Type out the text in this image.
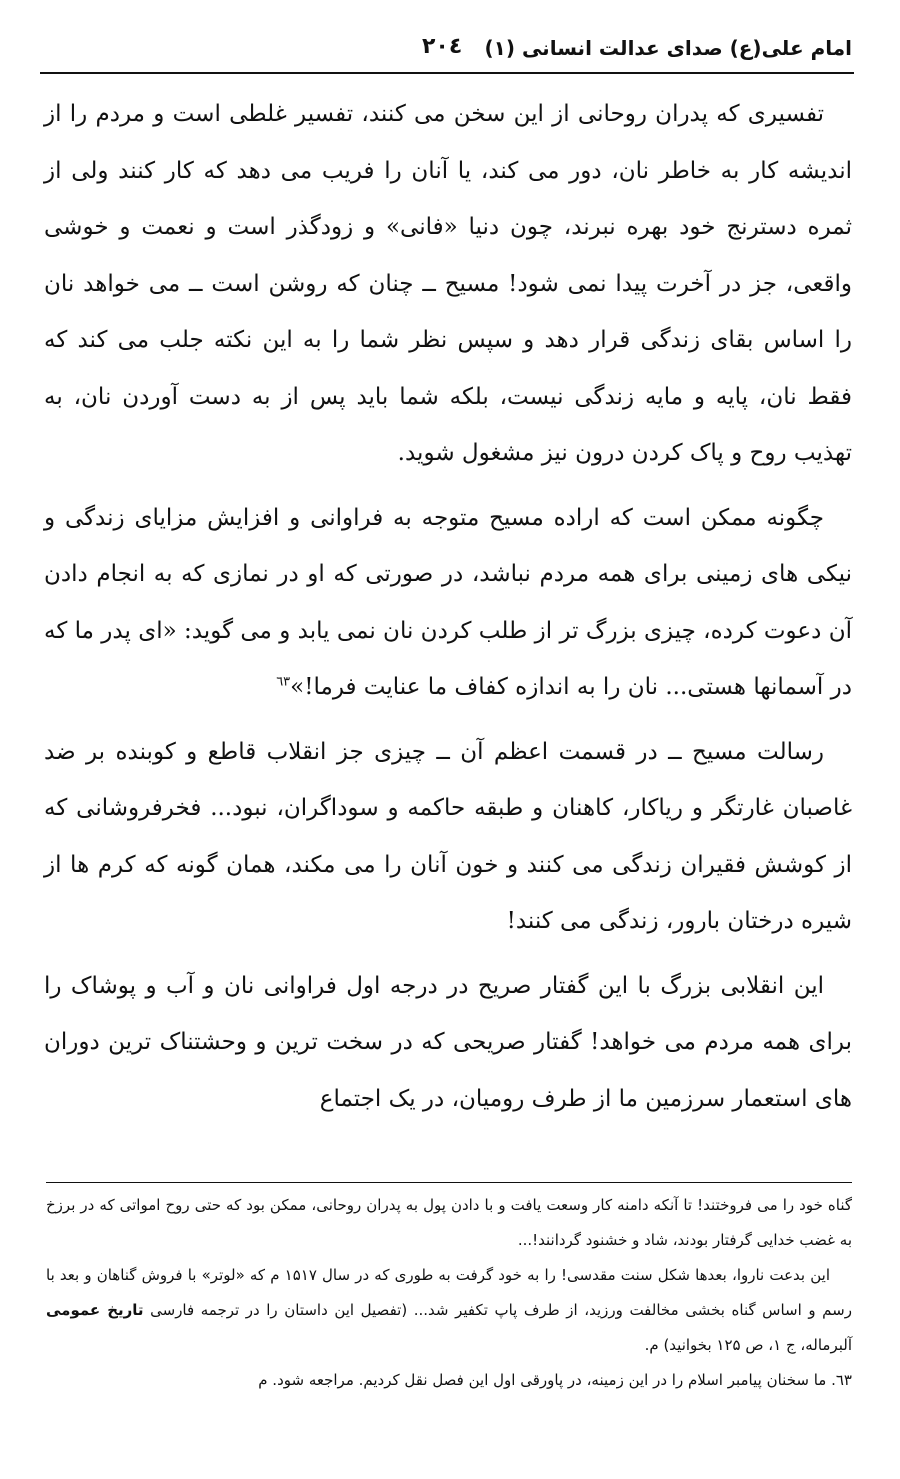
امام علی(ع) صدای عدالت انسانی (۱)
۲۰٤

تفسیری که پدران روحانی از این سخن می کنند، تفسیر غلطی است و مردم را از اندیشه کار به خاطر نان، دور می کند، یا آنان را فریب می دهد که کار کنند ولی از ثمره دسترنج خود بهره نبرند، چون دنیا «فانی» و زودگذر است و نعمت و خوشی واقعی، جز در آخرت پیدا نمی شود! مسیح ــ چنان که روشن است ــ می خواهد نان را اساس بقای زندگی قرار دهد و سپس نظر شما را به این نکته جلب می کند که فقط نان، پایه و مایه زندگی نیست، بلکه شما باید پس از به دست آوردن نان، به تهذیب روح و پاک کردن درون نیز مشغول شوید.

چگونه ممکن است که اراده مسیح متوجه به فراوانی و افزایش مزایای زندگی و نیکی های زمینی برای همه مردم نباشد، در صورتی که او در نمازی که به انجام دادن آن دعوت کرده، چیزی بزرگ تر از طلب کردن نان نمی یابد و می گوید: «ای پدر ما که در آسمانها هستی... نان را به اندازه کفاف ما عنایت فرما!»$^{٦٣}$

رسالت مسیح ــ در قسمت اعظم آن ــ چیزی جز انقلاب قاطع و کوبنده بر ضد غاصبان غارتگر و ریاکار، کاهنان و طبقه حاکمه و سوداگران، نبود... فخرفروشانی که از کوشش فقیران زندگی می کنند و خون آنان را می مکند، همان گونه که کرم ها از شیره درختان بارور، زندگی می کنند!

این انقلابی بزرگ با این گفتار صریح در درجه اول فراوانی نان و آب و پوشاک را برای همه مردم می خواهد! گفتار صریحی که در سخت ترین و وحشتناک ترین دوران های استعمار سرزمین ما از طرف رومیان، در یک اجتماع

گناه خود را می فروختند! تا آنکه دامنه کار وسعت یافت و با دادن پول به پدران روحانی، ممکن بود که حتی روح امواتی که در برزخ به غضب خدایی گرفتار بودند، شاد و خشنود گردانند!...

این بدعت ناروا، بعدها شکل سنت مقدسی! را به خود گرفت به طوری که در سال ۱۵۱۷ م که «لوتر» با فروش گناهان و بعد با رسم و اساس گناه بخشی مخالفت ورزید، از طرف پاپ تکفیر شد... (تفصیل این داستان را در ترجمه فارسی تاریخ عمومی آلبرماله، ج ۱، ص ۱۲۵ بخوانید) م.

٦٣. ما سخنان پیامبر اسلام را در این زمینه، در پاورقی اول این فصل نقل کردیم. مراجعه شود. م
